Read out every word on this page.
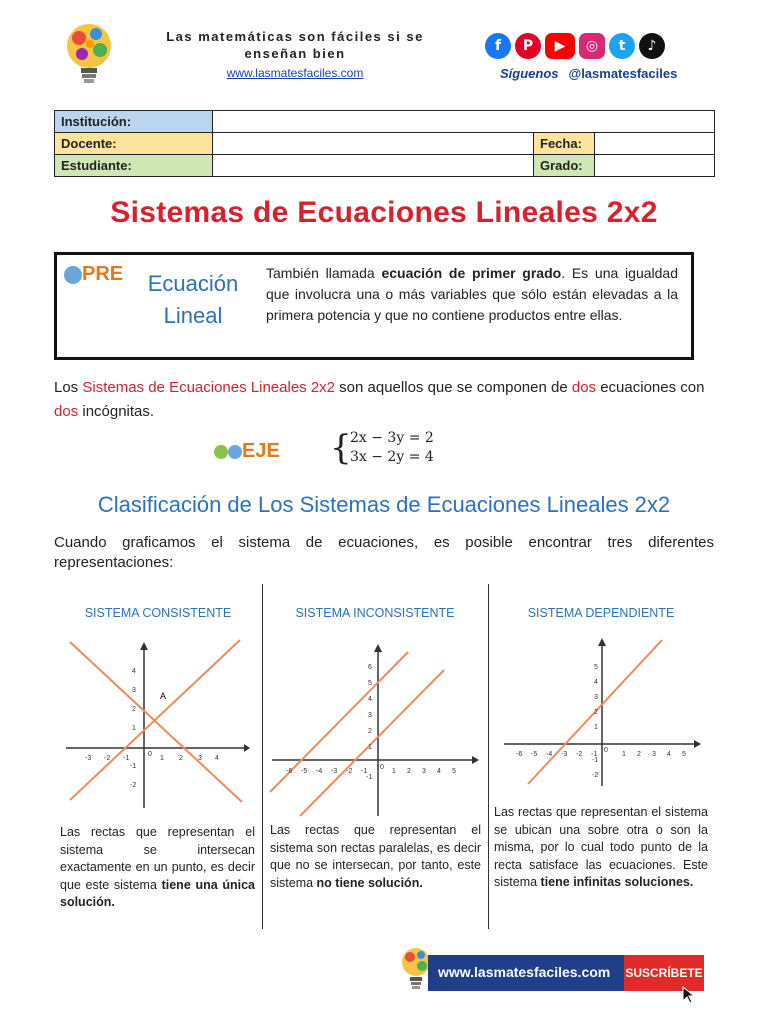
Las matemáticas son fáciles si se
enseñan bien
www.lasmatesfaciles.com
f	P	▶	◎	t	♪
Síguenos @lasmatesfaciles
Institución:			
Docente:		Fecha:	
Estudiante:		Grado:	
Sistemas de Ecuaciones Lineales 2x2
PRE	Ecuación
Lineal
También llamada ecuación de primer grado. Es una igualdad que involucra una o más variables que sólo están elevadas a la primera potencia y que no contiene productos entre ellas.
Los Sistemas de Ecuaciones Lineales 2x2 son aquellos que se componen de dos ecuaciones con dos incógnitas.
EJE {
2x − 3y = 2
3x − 2y = 4
Clasificación de Los Sistemas de Ecuaciones Lineales 2x2
Cuando graficamos el sistema de ecuaciones, es posible encontrar tres diferentes representaciones:
SISTEMA CONSISTENTE
A
-3 -2 -1
0
1 2 3 4
4
3
2
1
-1
-2
Las rectas que representan el sistema se intersecan exactamente en un punto, es decir que este sistema tiene una única solución.
SISTEMA INCONSISTENTE
-6 -5 -4 -3 -2 -1
0
1 2 3 4 5
6
5
4
3
2
1
-1
Las rectas que representan el sistema son rectas paralelas, es decir que no se intersecan, por tanto, este sistema no tiene solución.
SISTEMA DEPENDIENTE
-6 -5 -4 -3 -2 -1
0
1 2 3 4 5
5
4
3
2
1
-1
-2
Las rectas que representan el sistema se ubican una sobre otra o son la misma, por lo cual todo punto de la recta satisface las ecuaciones. Este sistema tiene infinitas soluciones.
www.lasmatesfaciles.com SUSCRÍBETE
